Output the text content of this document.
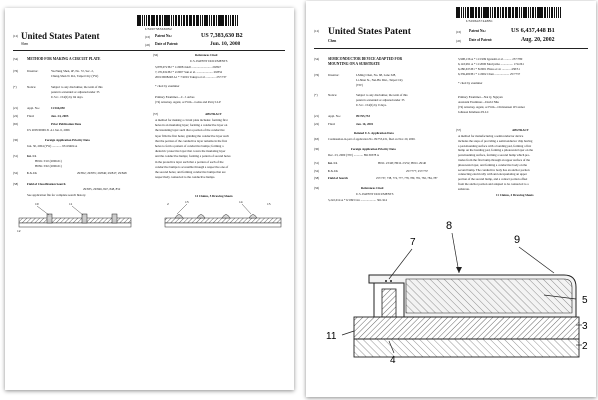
US007383630B2
(12) United States Patent
Shen
(10) Patent No.:	US 7,383,630 B2
(45) Date of Patent:	Jun. 10, 2008
(54) METHOD FOR MAKING A CIRCUIT PLATE
(76)	Inventor:	Yu-Nung Shen, 4F, No. 72, Sec. 2,
Chung-Shan N. Rd., Taipei City (TW)
(*)	Notice:	Subject to any disclaimer, the term of this
patent is extended or adjusted under 35
U.S.C. 154(b) by 94 days.
(21)	Appl. No.:	11/166,050
(22)	Filed:	Jun. 24, 2005
(65)	Prior Publication Data
US 2005/0000131 A1 Jan. 6, 2006
(30)	Foreign Application Priority Data
Jun. 30, 2004 (TW) ............ 93119404 A
(51)	Int. Cl.
H01K 3/10 (2006.01)
H05K 3/02 (2006.01)
(52)	U.S. Cl.	29/852; 29/835; 29/846; 29/847; 29/848
(58)	Field of Classification Search
29/835, 29/846, 847, 848, 852
See application file for complete search history.
(56)	References Cited
U.S. PATENT DOCUMENTS
5,878,072 B2 * 1/2008 Jandl .......................... 29/847
7,176,634 B2 * 2/2007 Sun et al. ..................... 29/852
2001/0008248 A1 * 7/2001 Takuya et al. ............ 257/737
* cited by examiner
Primary Examiner—C. J. Arbes
(74) Attorney, Agent, or Firm—Ladas and Parry LLP
(57)	ABSTRACT
A method for making a circuit plate includes: forming first
holes in an insulating layer; forming a conductive layer on
the insulating layer such that a portion of the conductive
layer fills the first holes; grinding the conductive layer such
that the portion of the conductive layer remains in the first
holes to form a pattern of conductive bumps; forming a
dielectric protective layer that covers the insulating layer
and the conductive bumps; forming a pattern of second holes
in the protective layer such that a portion of each of the
conductive bumps is accessible through a respective one of
the second holes; and forming conductive bumps that are
respectively connected to the conductive bumps.
14 Claims, 5 Drawing Sheets
10	11
12
2	13	14	15
US006437448B1
(12) United States Patent
Chen
(10) Patent No.:	US 6,437,448 B1
(45) Date of Patent:	Aug. 20, 2002
(54) SEMICONDUCTOR DEVICE ADAPTED FOR
MOUNTING ON A SUBSTRATE
(76)	Inventor:	I-Ming Chen, No. 68, Lane 328,
Li-Shan St., Nei-Hu Dist., Taipei City
(TW)
(*)	Notice:	Subject to any disclaimer, the term of this
patent is extended or adjusted under 35
U.S.C. 154(b) by 0 days.
(21)	Appl. No.:	09/765,753
(22)	Filed:	Jan. 16, 2001
Related U.S. Application Data
(63)	Continuation-in-part of application No. 09/753,431, filed on Nov. 29, 2000.
(30)	Foreign Application Priority Data
Dec. 23, 2000 (TW) ............ 89130378 A
(51)	Int. Cl.	H01L 23/48; H01L 23/52; H01L 29/40
(52)	U.S. Cl.	257/777; 257/737
(58)	Field of Search	257/737, 738, 774, 777, 778, 780, 781, 782, 784, 787
(56)	References Cited
U.S. PATENT DOCUMENTS
5,222,014 A * 6/1993 Lin .................... 361/414
5,998,136 A * 11/1999 Igarashi et al. ......... 257/780
6,143,991 A * 11/2000 Moriyama ................ 174/261
6,280,633 B1 * 8/2001 Hsiao et al. ........... 438/51
6,339,480 B1 * 1/2002 Chen ................... 257/737
* cited by examiner
Primary Examiner—Nat Q. Nguyen
Assistant Examiner—David Nhu
(74) Attorney, Agent, or Firm—Christensen O'Connor
Johnson Kindness PLLC
(57)	ABSTRACT
A method for manufacturing a semiconductor device
includes the steps of providing a semiconductor chip having
a pad-mounting surface with a bonding pad, forming a first
bump on the bonding pad, forming a photoresist layer on the
pad-mounting surface, forming a second bump which pro-
trudes from the first bump through an upper surface of the
photoresist layer, and forming a conductive body on the
second bump. The conductive body has an anchor portion
connecting electrically with and encapsulating an upper
portion of the second bump, and a contact portion offset
from the anchor portion and adapted to be connected to a
substrate.
11 Claims, 4 Drawing Sheets
8
9
7
5
3
11
4
2
